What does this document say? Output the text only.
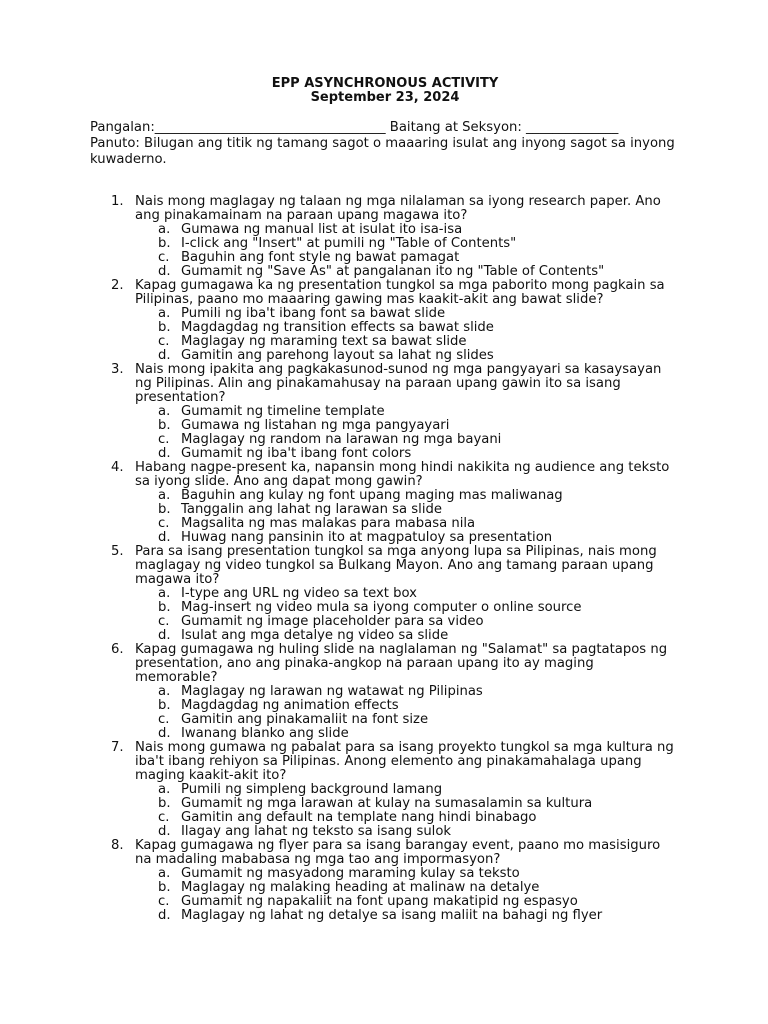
EPP ASYNCHRONOUS ACTIVITY
September 23, 2024
Pangalan:___________________________________ Baitang at Seksyon: ______________
Panuto: Bilugan ang titik ng tamang sagot o maaaring isulat ang inyong sagot sa inyong kuwaderno.
1. Nais mong maglagay ng talaan ng mga nilalaman sa iyong research paper. Ano ang pinakamainam na paraan upang magawa ito?
a. Gumawa ng manual list at isulat ito isa-isa
b. I-click ang "Insert" at pumili ng "Table of Contents"
c. Baguhin ang font style ng bawat pamagat
d. Gumamit ng "Save As" at pangalanan ito ng "Table of Contents"
2. Kapag gumagawa ka ng presentation tungkol sa mga paborito mong pagkain sa Pilipinas, paano mo maaaring gawing mas kaakit-akit ang bawat slide?
a. Pumili ng iba't ibang font sa bawat slide
b. Magdagdag ng transition effects sa bawat slide
c. Maglagay ng maraming text sa bawat slide
d. Gamitin ang parehong layout sa lahat ng slides
3. Nais mong ipakita ang pagkakasunod-sunod ng mga pangyayari sa kasaysayan ng Pilipinas. Alin ang pinakamahusay na paraan upang gawin ito sa isang presentation?
a. Gumamit ng timeline template
b. Gumawa ng listahan ng mga pangyayari
c. Maglagay ng random na larawan ng mga bayani
d. Gumamit ng iba't ibang font colors
4. Habang nagpe-present ka, napansin mong hindi nakikita ng audience ang teksto sa iyong slide. Ano ang dapat mong gawin?
a. Baguhin ang kulay ng font upang maging mas maliwanag
b. Tanggalin ang lahat ng larawan sa slide
c. Magsalita ng mas malakas para mabasa nila
d. Huwag nang pansinin ito at magpatuloy sa presentation
5. Para sa isang presentation tungkol sa mga anyong lupa sa Pilipinas, nais mong maglagay ng video tungkol sa Bulkang Mayon. Ano ang tamang paraan upang magawa ito?
a. I-type ang URL ng video sa text box
b. Mag-insert ng video mula sa iyong computer o online source
c. Gumamit ng image placeholder para sa video
d. Isulat ang mga detalye ng video sa slide
6. Kapag gumagawa ng huling slide na naglalaman ng "Salamat" sa pagtatapos ng presentation, ano ang pinaka-angkop na paraan upang ito ay maging memorable?
a. Maglagay ng larawan ng watawat ng Pilipinas
b. Magdagdag ng animation effects
c. Gamitin ang pinakamaliit na font size
d. Iwanang blanko ang slide
7. Nais mong gumawa ng pabalat para sa isang proyekto tungkol sa mga kultura ng iba't ibang rehiyon sa Pilipinas. Anong elemento ang pinakamahalaga upang maging kaakit-akit ito?
a. Pumili ng simpleng background lamang
b. Gumamit ng mga larawan at kulay na sumasalamin sa kultura
c. Gamitin ang default na template nang hindi binabago
d. Ilagay ang lahat ng teksto sa isang sulok
8. Kapag gumagawa ng flyer para sa isang barangay event, paano mo masisiguro na madaling mababasa ng mga tao ang impormasyon?
a. Gumamit ng masyadong maraming kulay sa teksto
b. Maglagay ng malaking heading at malinaw na detalye
c. Gumamit ng napakaliit na font upang makatipid ng espasyo
d. Maglagay ng lahat ng detalye sa isang maliit na bahagi ng flyer
